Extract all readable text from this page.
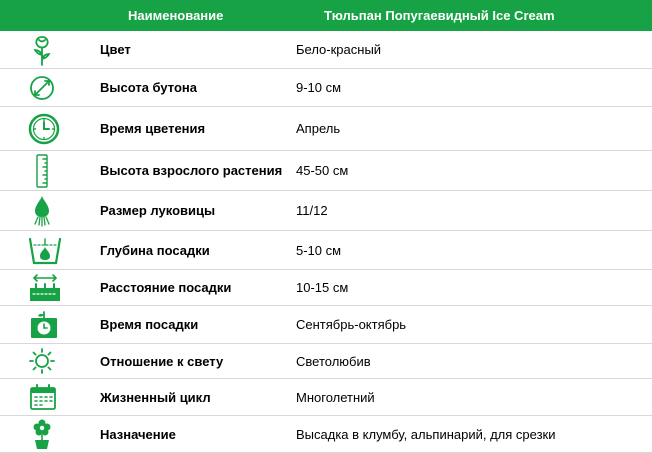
Наименование	Тюльпан Попугаевидный Ice Cream
Цвет	Бело-красный
Высота бутона	9-10 см
Время цветения	Апрель
Высота взрослого растения	45-50 см
Размер луковицы	11/12
Глубина посадки	5-10 см
Расстояние посадки	10-15 см
Время посадки	Сентябрь-октябрь
Отношение к свету	Светолюбив
Жизненный цикл	Многолетний
Назначение	Высадка в клумбу, альпинарий, для срезки
